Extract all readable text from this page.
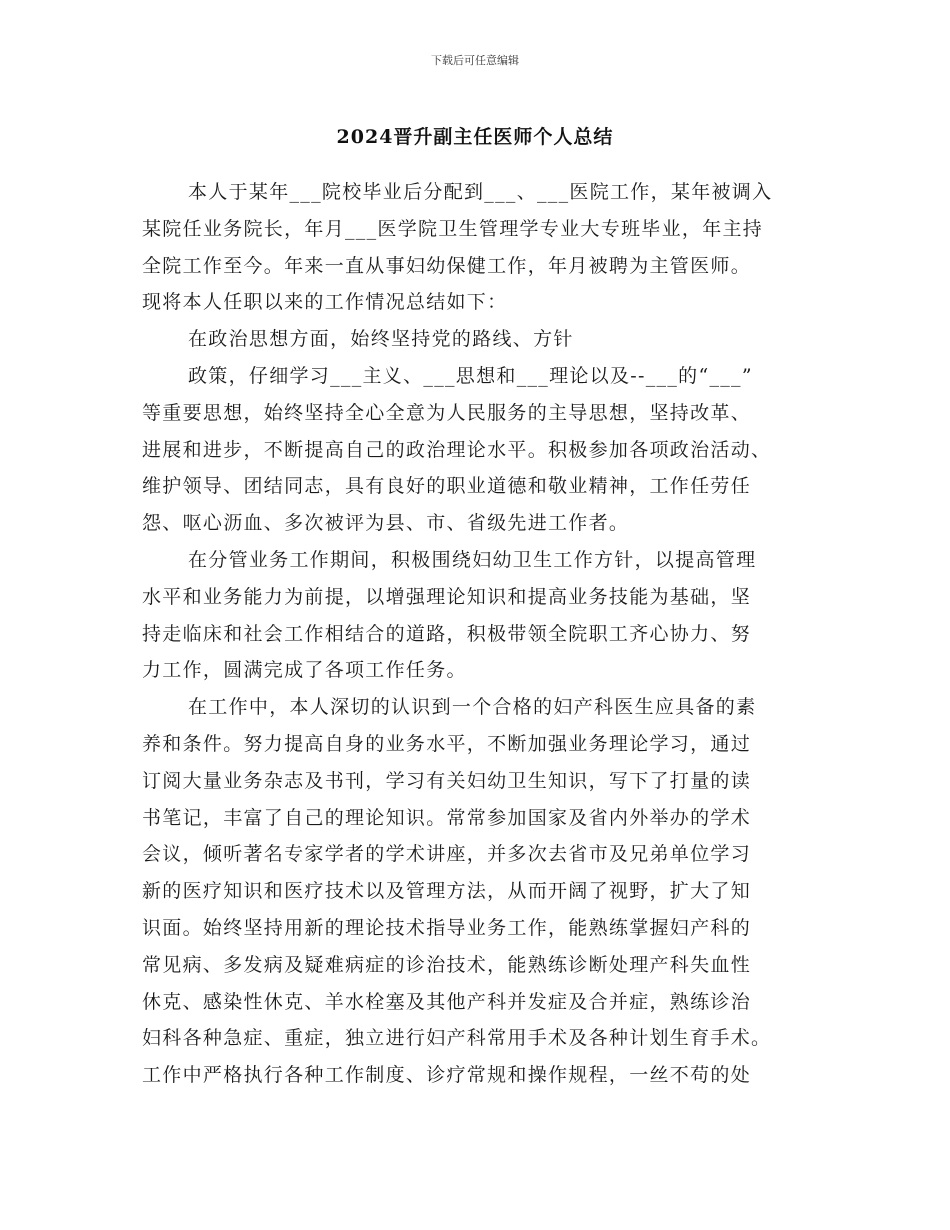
下载后可任意编辑
2024晋升副主任医师个人总结
本人于某年___院校毕业后分配到___、___医院工作，某年被调入
某院任业务院长，年月___医学院卫生管理学专业大专班毕业，年主持
全院工作至今。年来一直从事妇幼保健工作，年月被聘为主管医师。
现将本人任职以来的工作情况总结如下：
在政治思想方面，始终坚持党的路线、方针
政策，仔细学习___主义、___思想和___理论以及--___的“___”
等重要思想，始终坚持全心全意为人民服务的主导思想，坚持改革、
进展和进步，不断提高自己的政治理论水平。积极参加各项政治活动、
维护领导、团结同志，具有良好的职业道德和敬业精神，工作任劳任
怨、呕心沥血、多次被评为县、市、省级先进工作者。
在分管业务工作期间，积极围绕妇幼卫生工作方针，以提高管理
水平和业务能力为前提，以增强理论知识和提高业务技能为基础，坚
持走临床和社会工作相结合的道路，积极带领全院职工齐心协力、努
力工作，圆满完成了各项工作任务。
在工作中，本人深切的认识到一个合格的妇产科医生应具备的素
养和条件。努力提高自身的业务水平，不断加强业务理论学习，通过
订阅大量业务杂志及书刊，学习有关妇幼卫生知识，写下了打量的读
书笔记，丰富了自己的理论知识。常常参加国家及省内外举办的学术
会议，倾听著名专家学者的学术讲座，并多次去省市及兄弟单位学习
新的医疗知识和医疗技术以及管理方法，从而开阔了视野，扩大了知
识面。始终坚持用新的理论技术指导业务工作，能熟练掌握妇产科的
常见病、多发病及疑难病症的诊治技术，能熟练诊断处理产科失血性
休克、感染性休克、羊水栓塞及其他产科并发症及合并症，熟练诊治
妇科各种急症、重症，独立进行妇产科常用手术及各种计划生育手术。
工作中严格执行各种工作制度、诊疗常规和操作规程，一丝不苟的处
